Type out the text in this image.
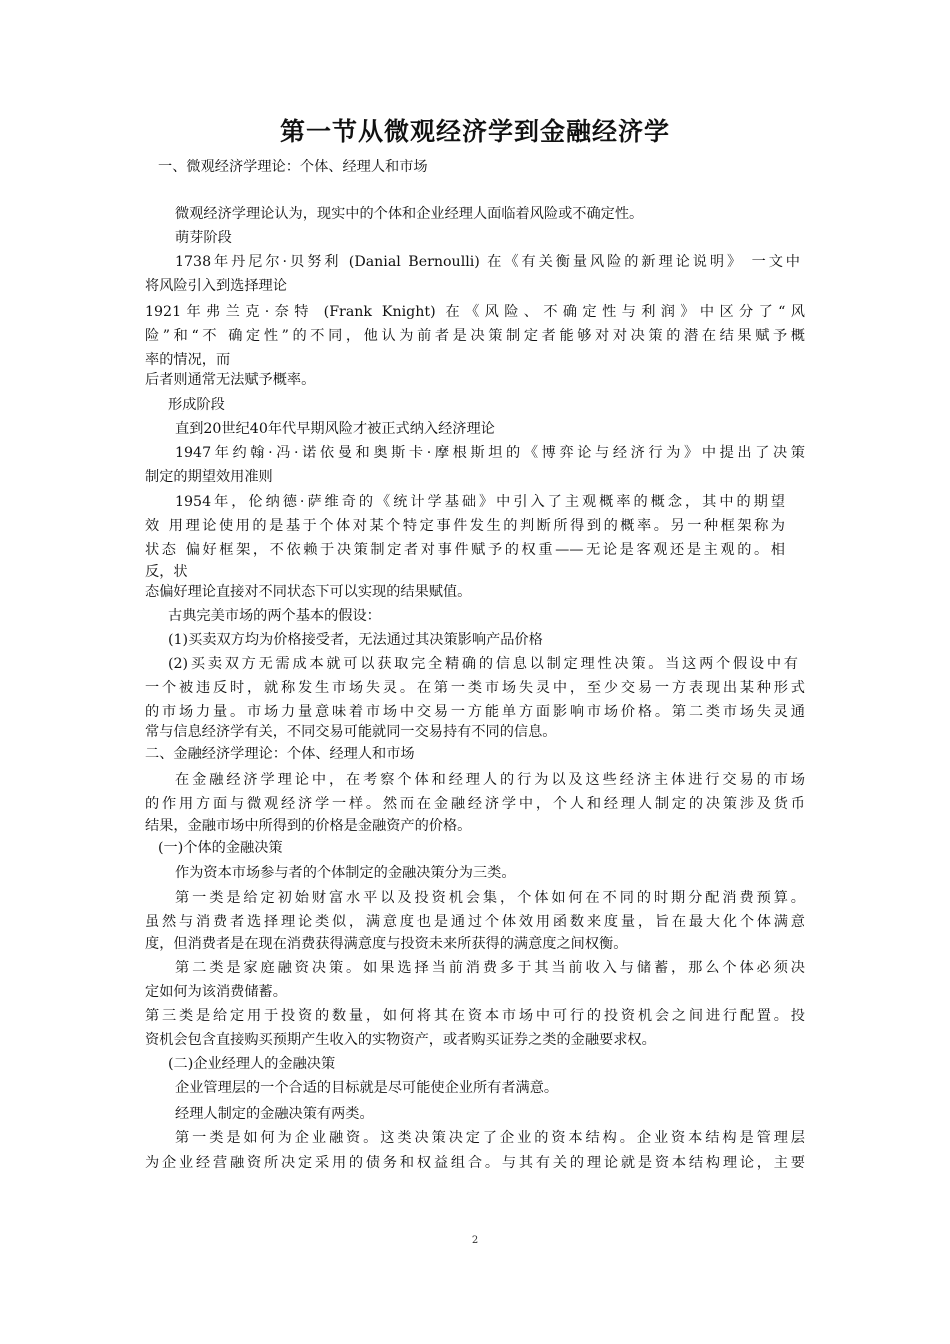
第一节从微观经济学到金融经济学
一、微观经济学理论：个体、经理人和市场
微观经济学理论认为，现实中的个体和企业经理人面临着风险或不确定性。
萌芽阶段
1738年丹尼尔·贝努利 (Danial Bernoulli) 在《有关衡量风险的新理论说明》 一文中
将风险引入到选择理论
1921年弗兰克·奈特 (Frank Knight) 在《风险、不确定性与利润》中区分了“风
险”和“不 确定性”的不同，他认为前者是决策制定者能够对对决策的潜在结果赋予概
率的情况，而
后者则通常无法赋予概率。
形成阶段
直到20世纪40年代早期风险才被正式纳入经济理论
1947年约翰·冯·诺依曼和奥斯卡·摩根斯坦的《博弈论与经济行为》中提出了决策
制定的期望效用准则
1954年，伦纳德·萨维奇的《统计学基础》中引入了主观概率的概念，其中的期望
效 用理论使用的是基于个体对某个特定事件发生的判断所得到的概率。另一种框架称为
状态 偏好框架，不依赖于决策制定者对事件赋予的权重——无论是客观还是主观的。相
反，状
态偏好理论直接对不同状态下可以实现的结果赋值。
古典完美市场的两个基本的假设：
(1)买卖双方均为价格接受者，无法通过其决策影响产品价格
(2)买卖双方无需成本就可以获取完全精确的信息以制定理性决策。当这两个假设中有
一个被违反时，就称发生市场失灵。在第一类市场失灵中，至少交易一方表现出某种形式
的市场力量。市场力量意味着市场中交易一方能单方面影响市场价格。第二类市场失灵通
常与信息经济学有关，不同交易可能就同一交易持有不同的信息。
二、金融经济学理论：个体、经理人和市场
在金融经济学理论中，在考察个体和经理人的行为以及这些经济主体进行交易的市场
的作用方面与微观经济学一样。然而在金融经济学中，个人和经理人制定的决策涉及货币
结果，金融市场中所得到的价格是金融资产的价格。
(一)个体的金融决策
作为资本市场参与者的个体制定的金融决策分为三类。
第一类是给定初始财富水平以及投资机会集，个体如何在不同的时期分配消费预算。
虽然与消费者选择理论类似，满意度也是通过个体效用函数来度量，旨在最大化个体满意
度，但消费者是在现在消费获得满意度与投资未来所获得的满意度之间权衡。
第二类是家庭融资决策。如果选择当前消费多于其当前收入与储蓄，那么个体必须决
定如何为该消费储蓄。
第三类是给定用于投资的数量，如何将其在资本市场中可行的投资机会之间进行配置。投
资机会包含直接购买预期产生收入的实物资产，或者购买证券之类的金融要求权。
(二)企业经理人的金融决策
企业管理层的一个合适的目标就是尽可能使企业所有者满意。
经理人制定的金融决策有两类。
第一类是如何为企业融资。这类决策决定了企业的资本结构。企业资本结构是管理层
为企业经营融资所决定采用的债务和权益组合。与其有关的理论就是资本结构理论，主要
2
